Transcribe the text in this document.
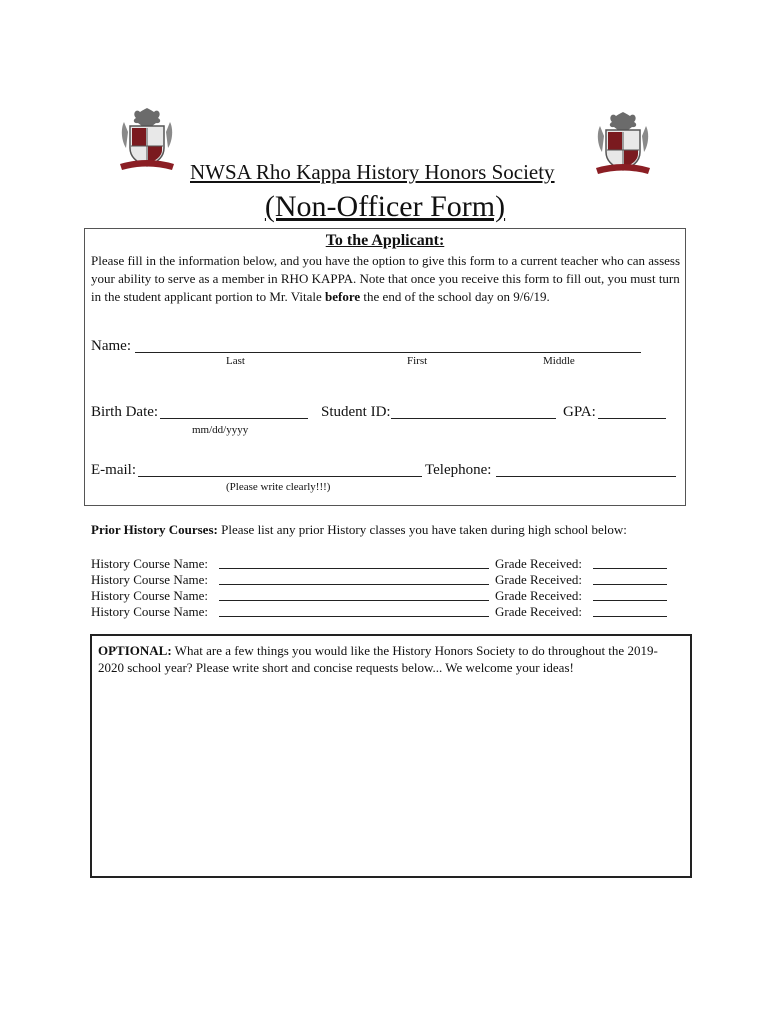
NWSA Rho Kappa History Honors Society
(Non-Officer Form)
To the Applicant:
Please fill in the information below, and you have the option to give this form to a current teacher who can assess your ability to serve as a member in RHO KAPPA. Note that once you receive this form to fill out, you must turn in the student applicant portion to Mr. Vitale before the end of the school day on 9/6/19.
Name:
Last	First	Middle
Birth Date:
mm/dd/yyyy
Student ID:	GPA:
E-mail:
(Please write clearly!!!)
Telephone:
Prior History Courses: Please list any prior History classes you have taken during high school below:
History Course Name:	Grade Received:
History Course Name:	Grade Received:
History Course Name:	Grade Received:
History Course Name:	Grade Received:
OPTIONAL: What are a few things you would like the History Honors Society to do throughout the 2019-2020 school year? Please write short and concise requests below... We welcome your ideas!
